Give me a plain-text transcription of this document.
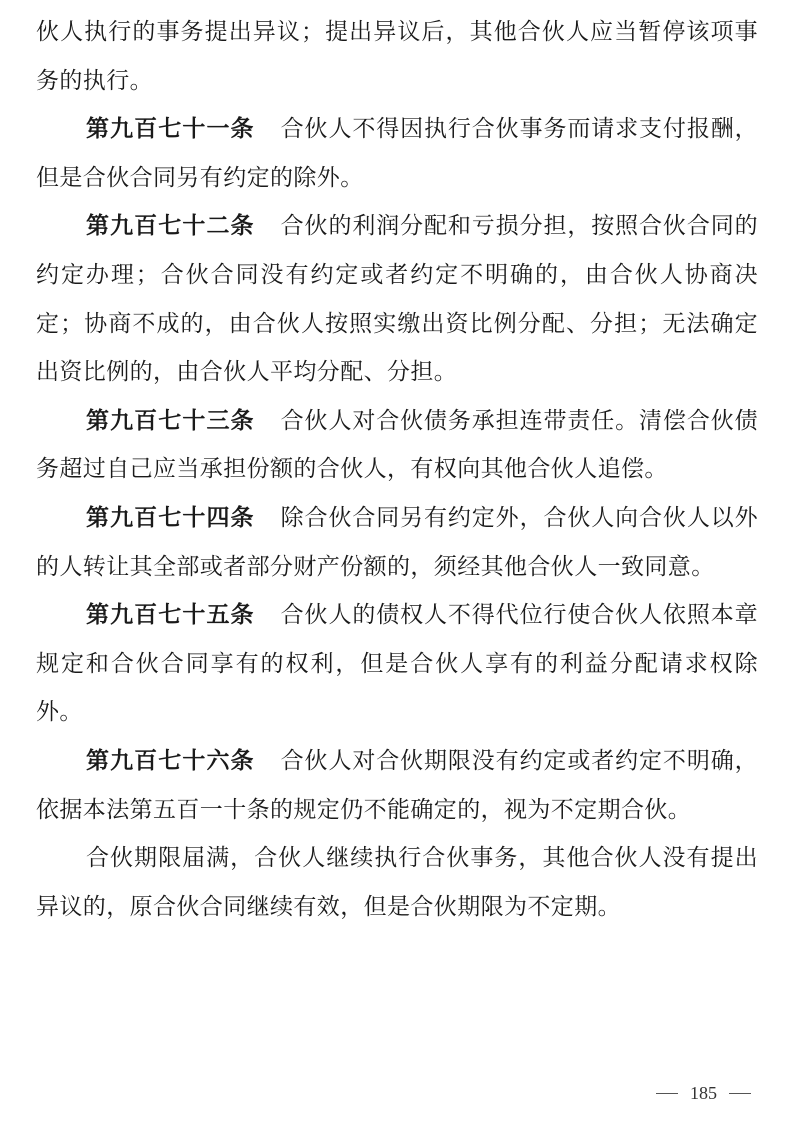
伙人执行的事务提出异议；提出异议后，其他合伙人应当暂停该项事务的执行。

第九百七十一条 合伙人不得因执行合伙事务而请求支付报酬，但是合伙合同另有约定的除外。

第九百七十二条 合伙的利润分配和亏损分担，按照合伙合同的约定办理；合伙合同没有约定或者约定不明确的，由合伙人协商决定；协商不成的，由合伙人按照实缴出资比例分配、分担；无法确定出资比例的，由合伙人平均分配、分担。

第九百七十三条 合伙人对合伙债务承担连带责任。清偿合伙债务超过自己应当承担份额的合伙人，有权向其他合伙人追偿。

第九百七十四条 除合伙合同另有约定外，合伙人向合伙人以外的人转让其全部或者部分财产份额的，须经其他合伙人一致同意。

第九百七十五条 合伙人的债权人不得代位行使合伙人依照本章规定和合伙合同享有的权利，但是合伙人享有的利益分配请求权除外。

第九百七十六条 合伙人对合伙期限没有约定或者约定不明确，依据本法第五百一十条的规定仍不能确定的，视为不定期合伙。

合伙期限届满，合伙人继续执行合伙事务，其他合伙人没有提出异议的，原合伙合同继续有效，但是合伙期限为不定期。

185
